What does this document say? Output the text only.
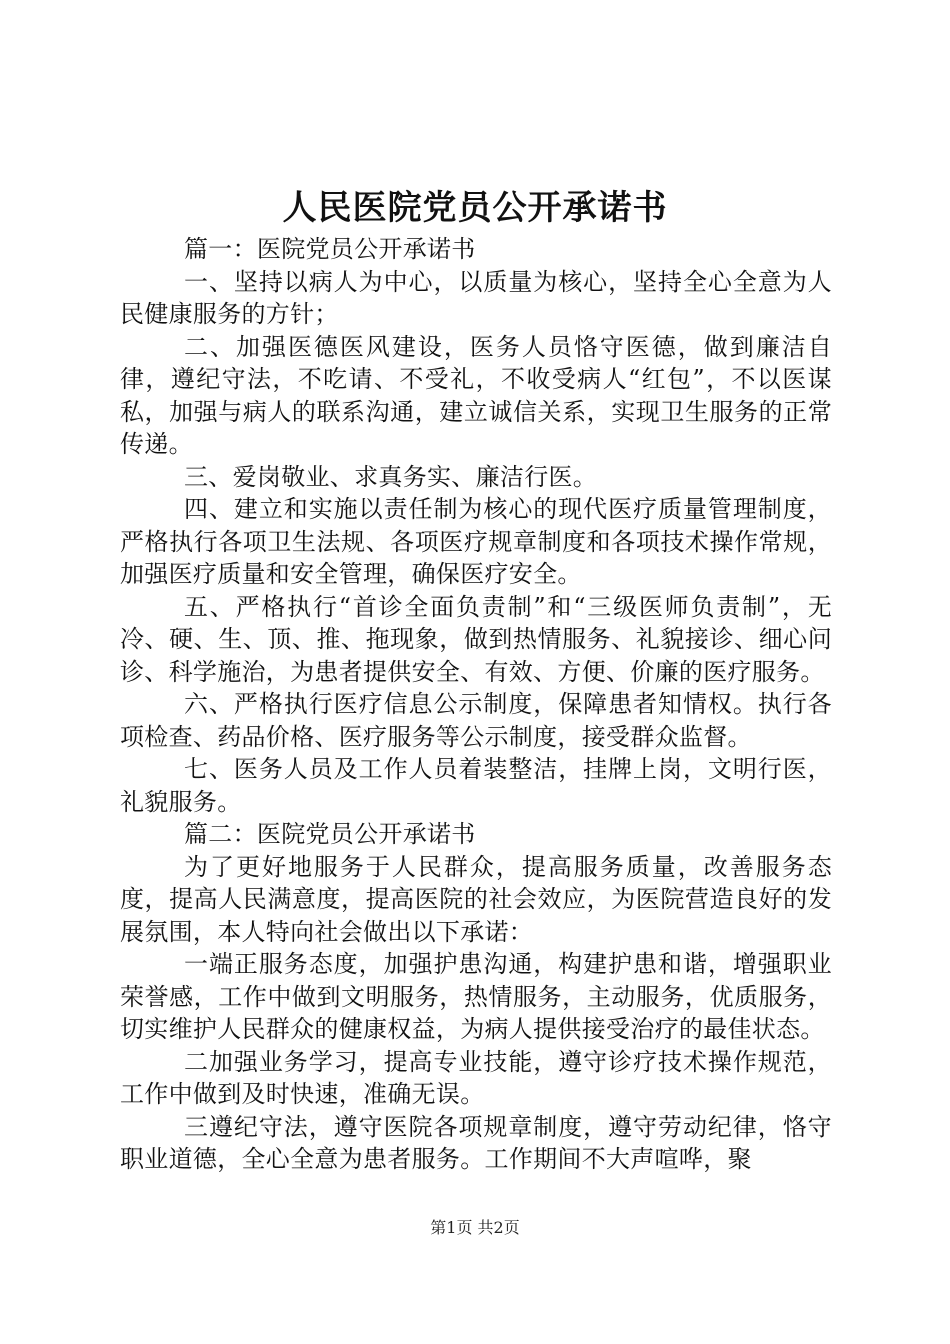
人民医院党员公开承诺书

篇一：医院党员公开承诺书

一、坚持以病人为中心，以质量为核心，坚持全心全意为人民健康服务的方针；

二、加强医德医风建设，医务人员恪守医德，做到廉洁自律，遵纪守法，不吃请、不受礼，不收受病人“红包”，不以医谋私，加强与病人的联系沟通，建立诚信关系，实现卫生服务的正常传递。

三、爱岗敬业、求真务实、廉洁行医。

四、建立和实施以责任制为核心的现代医疗质量管理制度，严格执行各项卫生法规、各项医疗规章制度和各项技术操作常规，加强医疗质量和安全管理，确保医疗安全。

五、严格执行“首诊全面负责制”和“三级医师负责制”，无冷、硬、生、顶、推、拖现象，做到热情服务、礼貌接诊、细心问诊、科学施治，为患者提供安全、有效、方便、价廉的医疗服务。

六、严格执行医疗信息公示制度，保障患者知情权。执行各项检查、药品价格、医疗服务等公示制度，接受群众监督。

七、医务人员及工作人员着装整洁，挂牌上岗，文明行医，礼貌服务。

篇二：医院党员公开承诺书

为了更好地服务于人民群众，提高服务质量，改善服务态度，提高人民满意度，提高医院的社会效应，为医院营造良好的发展氛围，本人特向社会做出以下承诺：

一端正服务态度，加强护患沟通，构建护患和谐，增强职业荣誉感，工作中做到文明服务，热情服务，主动服务，优质服务，切实维护人民群众的健康权益，为病人提供接受治疗的最佳状态。

二加强业务学习，提高专业技能，遵守诊疗技术操作规范，工作中做到及时快速，准确无误。

三遵纪守法，遵守医院各项规章制度，遵守劳动纪律，恪守职业道德，全心全意为患者服务。工作期间不大声喧哗，聚

第1页 共2页
